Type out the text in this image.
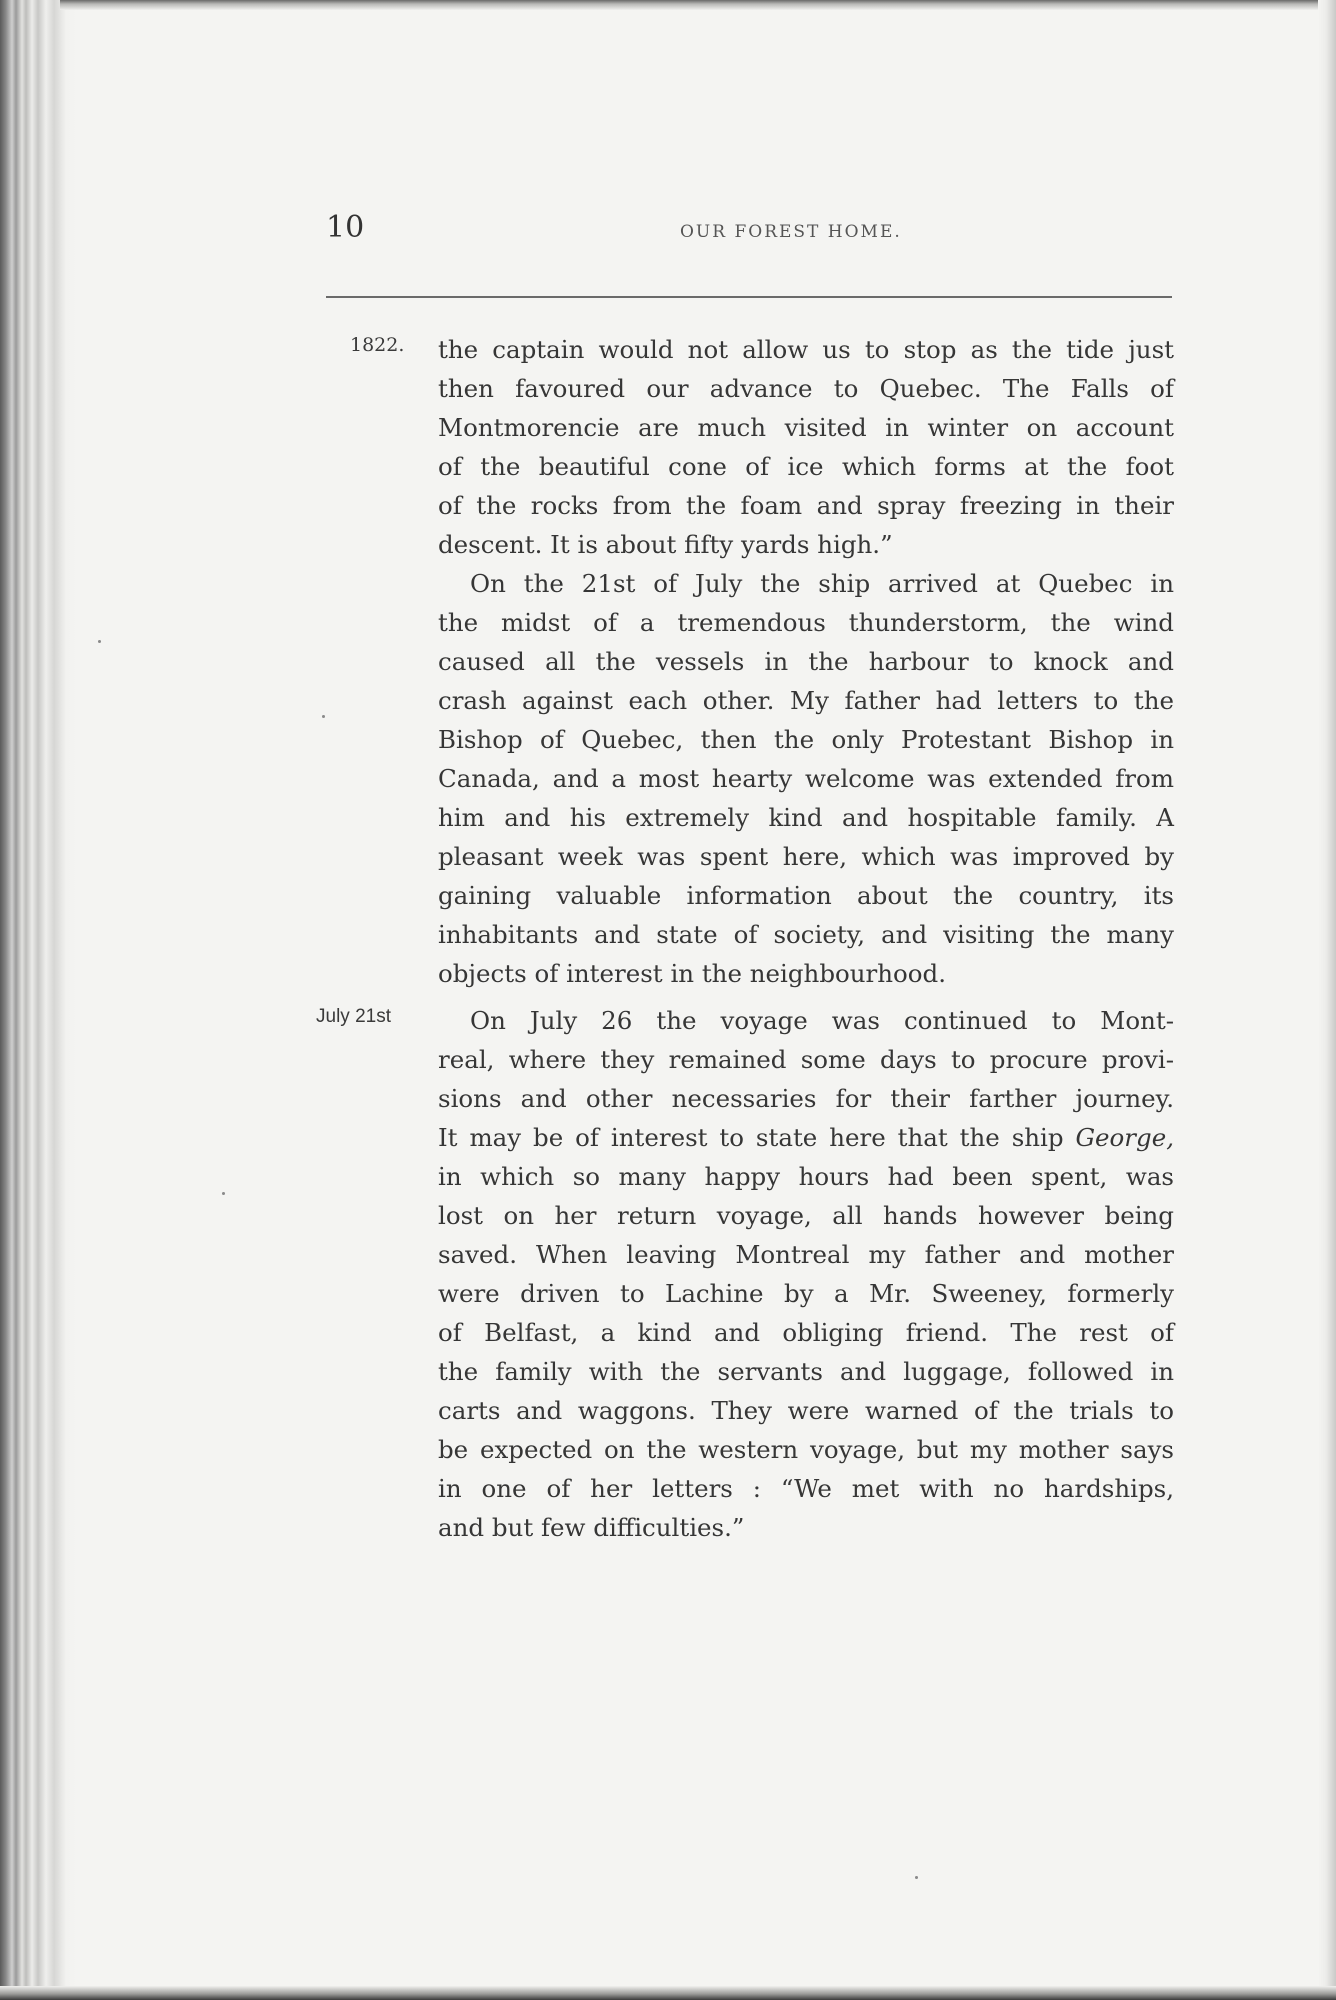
10	OUR FOREST HOME.
1822.
July 21st
the captain would not allow us to stop as the tide just
then favoured our advance to Quebec. The Falls of
Montmorencie are much visited in winter on account
of the beautiful cone of ice which forms at the foot
of the rocks from the foam and spray freezing in their
descent. It is about fifty yards high.”
On the 21st of July the ship arrived at Quebec in
the midst of a tremendous thunderstorm, the wind
caused all the vessels in the harbour to knock and
crash against each other. My father had letters to the
Bishop of Quebec, then the only Protestant Bishop in
Canada, and a most hearty welcome was extended from
him and his extremely kind and hospitable family. A
pleasant week was spent here, which was improved by
gaining valuable information about the country, its
inhabitants and state of society, and visiting the many
objects of interest in the neighbourhood.
On July 26 the voyage was continued to Mont-
real, where they remained some days to procure provi-
sions and other necessaries for their farther journey.
It may be of interest to state here that the ship George,
in which so many happy hours had been spent, was
lost on her return voyage, all hands however being
saved. When leaving Montreal my father and mother
were driven to Lachine by a Mr. Sweeney, formerly
of Belfast, a kind and obliging friend. The rest of
the family with the servants and luggage, followed in
carts and waggons. They were warned of the trials to
be expected on the western voyage, but my mother says
in one of her letters : “We met with no hardships,
and but few difficulties.”
